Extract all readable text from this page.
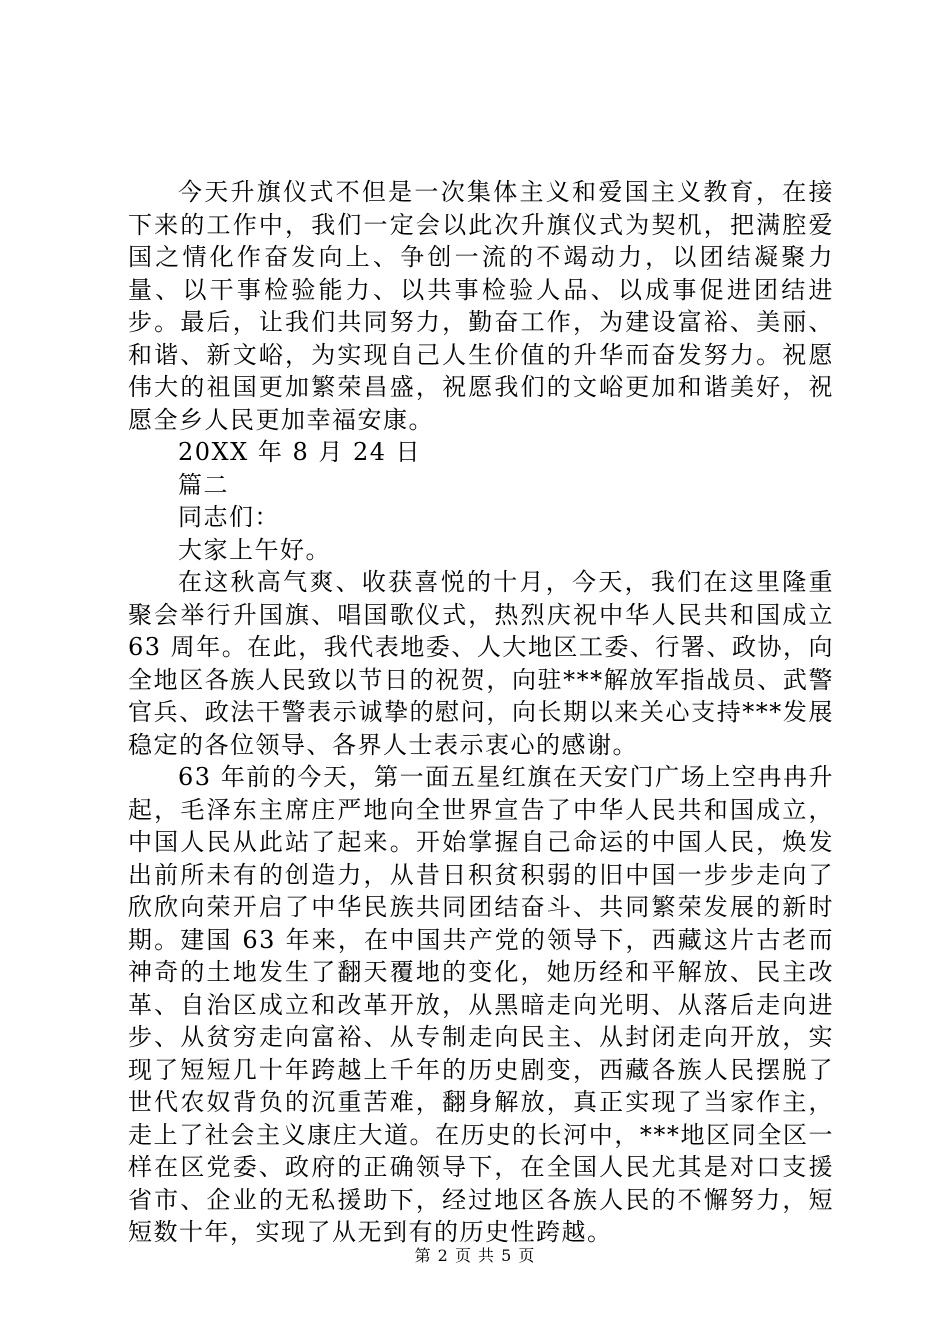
今天升旗仪式不但是一次集体主义和爱国主义教育，在接下来的工作中，我们一定会以此次升旗仪式为契机，把满腔爱国之情化作奋发向上、争创一流的不竭动力，以团结凝聚力量、以干事检验能力、以共事检验人品、以成事促进团结进步。最后，让我们共同努力，勤奋工作，为建设富裕、美丽、和谐、新文峪，为实现自己人生价值的升华而奋发努力。祝愿伟大的祖国更加繁荣昌盛，祝愿我们的文峪更加和谐美好，祝愿全乡人民更加幸福安康。

20XX 年 8 月 24 日

篇二

同志们：

大家上午好。

在这秋高气爽、收获喜悦的十月，今天，我们在这里隆重聚会举行升国旗、唱国歌仪式，热烈庆祝中华人民共和国成立 63 周年。在此，我代表地委、人大地区工委、行署、政协，向全地区各族人民致以节日的祝贺，向驻***解放军指战员、武警官兵、政法干警表示诚挚的慰问，向长期以来关心支持***发展稳定的各位领导、各界人士表示衷心的感谢。

63 年前的今天，第一面五星红旗在天安门广场上空冉冉升起，毛泽东主席庄严地向全世界宣告了中华人民共和国成立，中国人民从此站了起来。开始掌握自己命运的中国人民，焕发出前所未有的创造力，从昔日积贫积弱的旧中国一步步走向了欣欣向荣开启了中华民族共同团结奋斗、共同繁荣发展的新时期。建国 63 年来，在中国共产党的领导下，西藏这片古老而神奇的土地发生了翻天覆地的变化，她历经和平解放、民主改革、自治区成立和改革开放，从黑暗走向光明、从落后走向进步、从贫穷走向富裕、从专制走向民主、从封闭走向开放，实现了短短几十年跨越上千年的历史剧变，西藏各族人民摆脱了世代农奴背负的沉重苦难，翻身解放，真正实现了当家作主，走上了社会主义康庄大道。在历史的长河中，***地区同全区一样在区党委、政府的正确领导下，在全国人民尤其是对口支援省市、企业的无私援助下，经过地区各族人民的不懈努力，短短数十年，实现了从无到有的历史性跨越。

第 2 页 共 5 页
